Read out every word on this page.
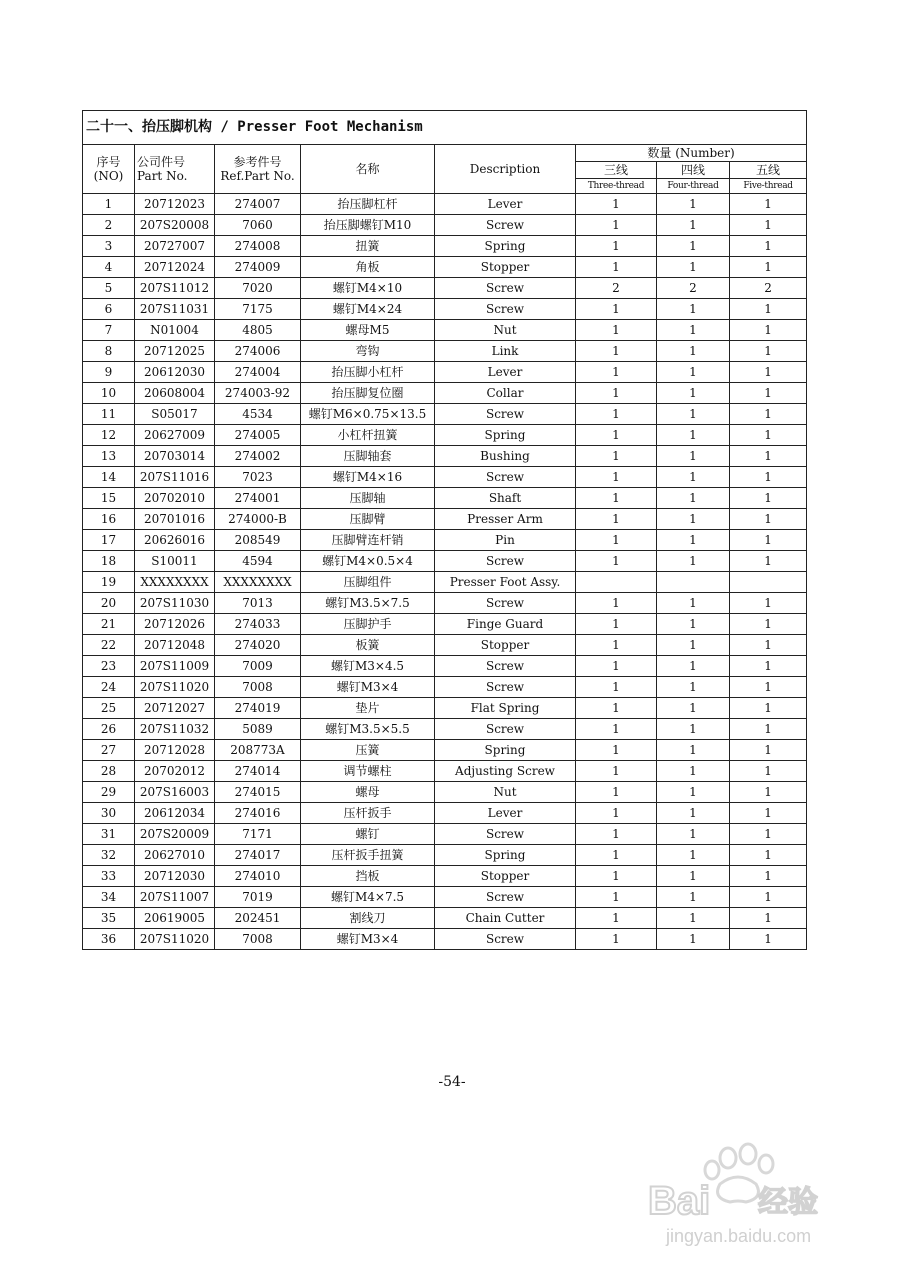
二十一、抬压脚机构 / Presser Foot Mechanism							
序号 (NO)	公司件号 Part No.	参考件号 Ref.Part No.	名称	Description	数量 (Number)		
					三线	四线	五线
					Three-thread	Four-thread	Five-thread
1	20712023	274007	抬压脚杠杆	Lever	1	1	1
2	207S20008	7060	抬压脚螺钉M10	Screw	1	1	1
3	20727007	274008	扭簧	Spring	1	1	1
4	20712024	274009	角板	Stopper	1	1	1
5	207S11012	7020	螺钉M4×10	Screw	2	2	2
6	207S11031	7175	螺钉M4×24	Screw	1	1	1
7	N01004	4805	螺母M5	Nut	1	1	1
8	20712025	274006	弯钩	Link	1	1	1
9	20612030	274004	抬压脚小杠杆	Lever	1	1	1
10	20608004	274003-92	抬压脚复位圈	Collar	1	1	1
11	S05017	4534	螺钉M6×0.75×13.5	Screw	1	1	1
12	20627009	274005	小杠杆扭簧	Spring	1	1	1
13	20703014	274002	压脚轴套	Bushing	1	1	1
14	207S11016	7023	螺钉M4×16	Screw	1	1	1
15	20702010	274001	压脚轴	Shaft	1	1	1
16	20701016	274000-B	压脚臂	Presser Arm	1	1	1
17	20626016	208549	压脚臂连杆销	Pin	1	1	1
18	S10011	4594	螺钉M4×0.5×4	Screw	1	1	1
19	XXXXXXXX	XXXXXXXX	压脚组件	Presser Foot Assy.			
20	207S11030	7013	螺钉M3.5×7.5	Screw	1	1	1
21	20712026	274033	压脚护手	Finge Guard	1	1	1
22	20712048	274020	板簧	Stopper	1	1	1
23	207S11009	7009	螺钉M3×4.5	Screw	1	1	1
24	207S11020	7008	螺钉M3×4	Screw	1	1	1
25	20712027	274019	垫片	Flat Spring	1	1	1
26	207S11032	5089	螺钉M3.5×5.5	Screw	1	1	1
27	20712028	208773A	压簧	Spring	1	1	1
28	20702012	274014	调节螺柱	Adjusting Screw	1	1	1
29	207S16003	274015	螺母	Nut	1	1	1
30	20612034	274016	压杆扳手	Lever	1	1	1
31	207S20009	7171	螺钉	Screw	1	1	1
32	20627010	274017	压杆扳手扭簧	Spring	1	1	1
33	20712030	274010	挡板	Stopper	1	1	1
34	207S11007	7019	螺钉M4×7.5	Screw	1	1	1
35	20619005	202451	割线刀	Chain Cutter	1	1	1
36	207S11020	7008	螺钉M3×4	Screw	1	1	1
-54-
Bai 经验
jingyan.baidu.com
